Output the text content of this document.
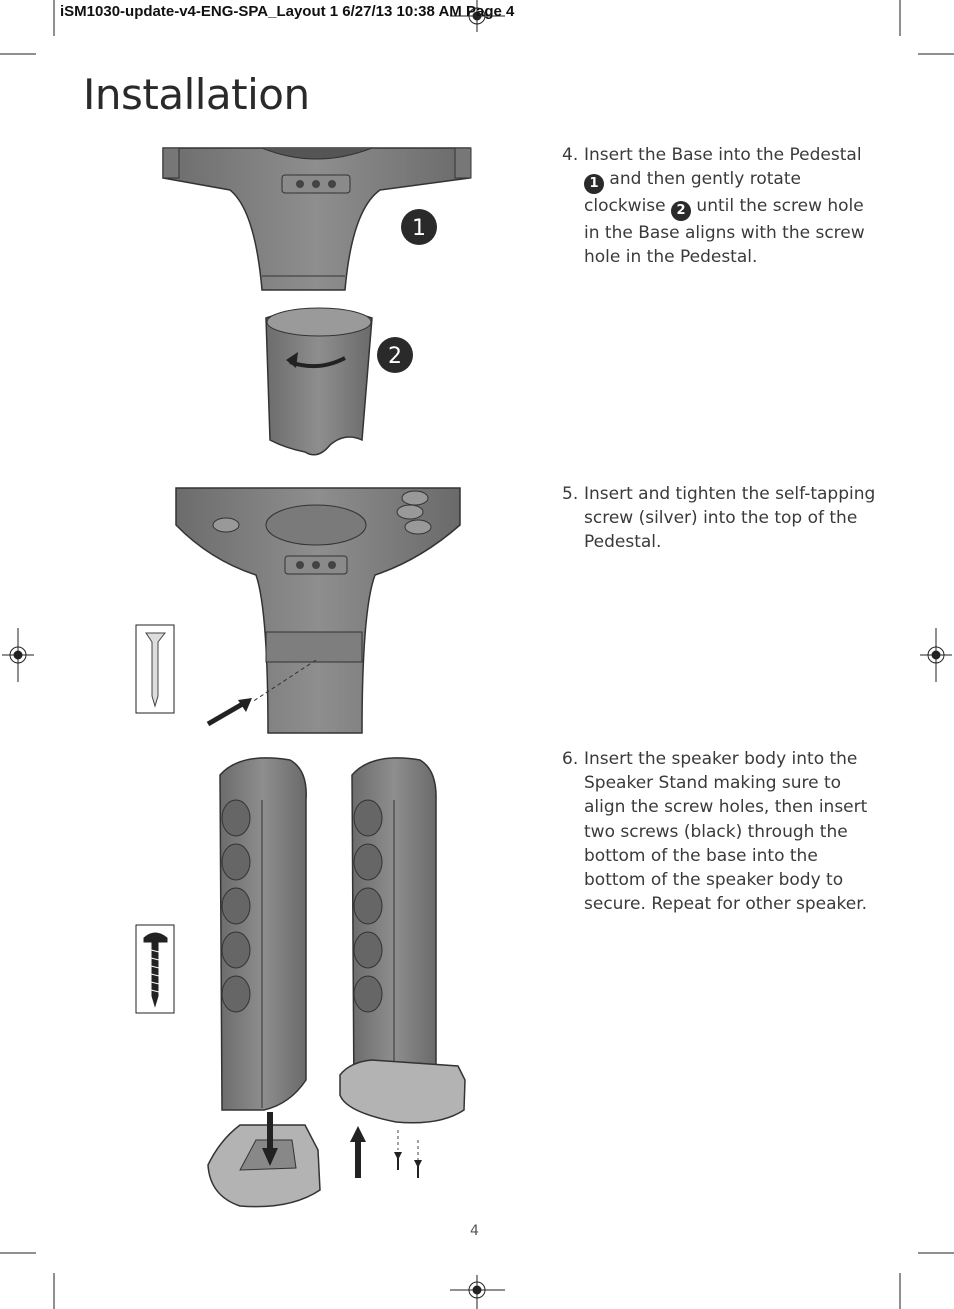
iSM1030-update-v4-ENG-SPA_Layout 1 6/27/13 10:38 AM Page 4
Installation
1
2
4. Insert the Base into the Pedestal
1 and then gently rotate clockwise 2 until the screw hole in the Base aligns with the screw hole in the Pedestal.
5. Insert and tighten the self-tapping screw (silver) into the top of the Pedestal.
6. Insert the speaker body into the Speaker Stand making sure to align the screw holes, then insert two screws (black) through the bottom of the base into the bottom of the speaker body to secure. Repeat for other speaker.
4
